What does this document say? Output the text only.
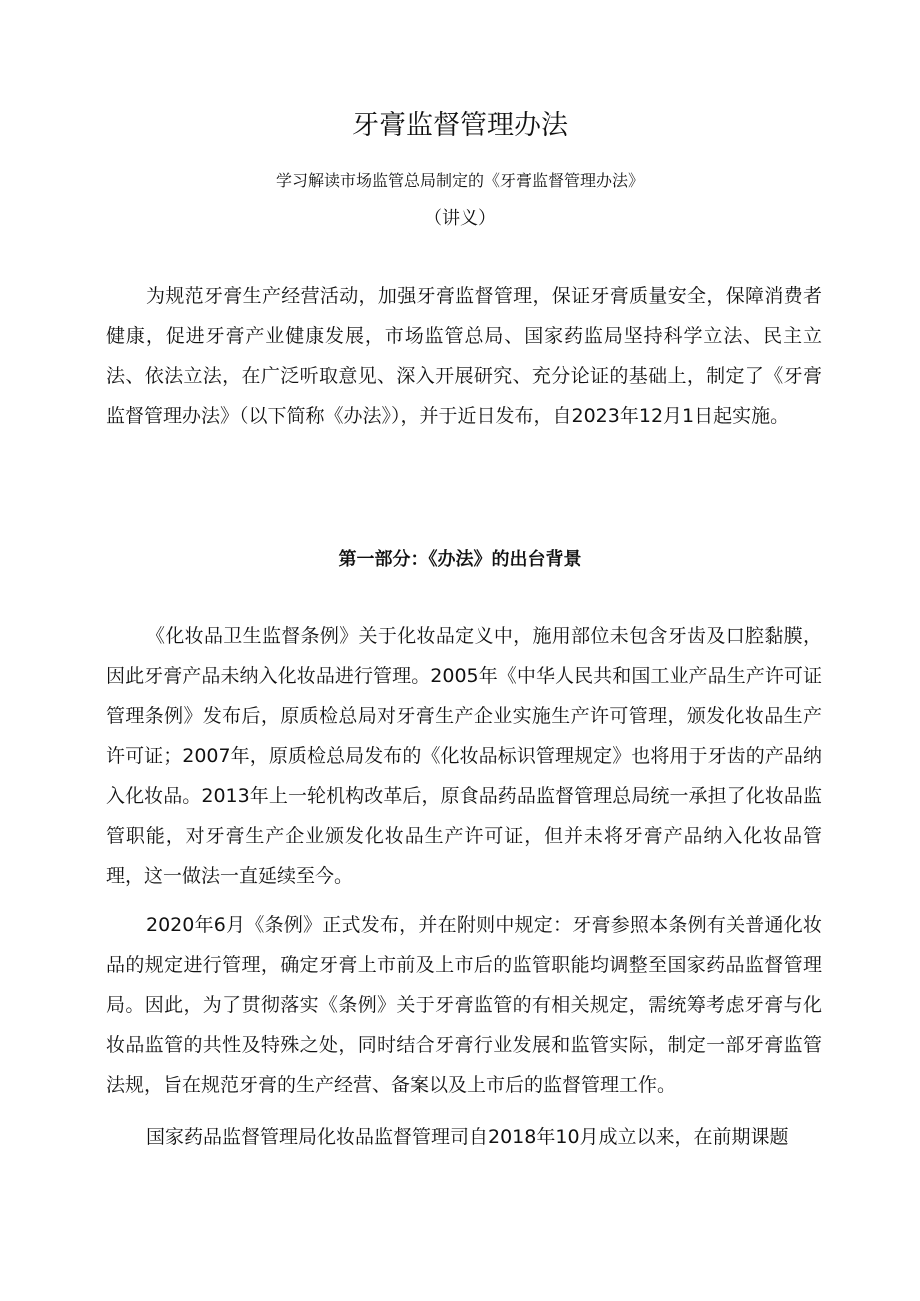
牙膏监督管理办法

学习解读市场监管总局制定的《牙膏监督管理办法》

（讲义）

为规范牙膏生产经营活动，加强牙膏监督管理，保证牙膏质量安全，保障消费者健康，促进牙膏产业健康发展，市场监管总局、国家药监局坚持科学立法、民主立法、依法立法，在广泛听取意见、深入开展研究、充分论证的基础上，制定了《牙膏监督管理办法》（以下简称《办法》），并于近日发布，自2023年12月1日起实施。

第一部分：《办法》的出台背景

《化妆品卫生监督条例》关于化妆品定义中，施用部位未包含牙齿及口腔黏膜，因此牙膏产品未纳入化妆品进行管理。2005年《中华人民共和国工业产品生产许可证管理条例》发布后，原质检总局对牙膏生产企业实施生产许可管理，颁发化妆品生产许可证；2007年，原质检总局发布的《化妆品标识管理规定》也将用于牙齿的产品纳入化妆品。2013年上一轮机构改革后，原食品药品监督管理总局统一承担了化妆品监管职能，对牙膏生产企业颁发化妆品生产许可证，但并未将牙膏产品纳入化妆品管理，这一做法一直延续至今。

2020年6月《条例》正式发布，并在附则中规定：牙膏参照本条例有关普通化妆品的规定进行管理，确定牙膏上市前及上市后的监管职能均调整至国家药品监督管理局。因此，为了贯彻落实《条例》关于牙膏监管的有相关规定，需统筹考虑牙膏与化妆品监管的共性及特殊之处，同时结合牙膏行业发展和监管实际，制定一部牙膏监管法规，旨在规范牙膏的生产经营、备案以及上市后的监督管理工作。

国家药品监督管理局化妆品监督管理司自2018年10月成立以来，在前期课题
